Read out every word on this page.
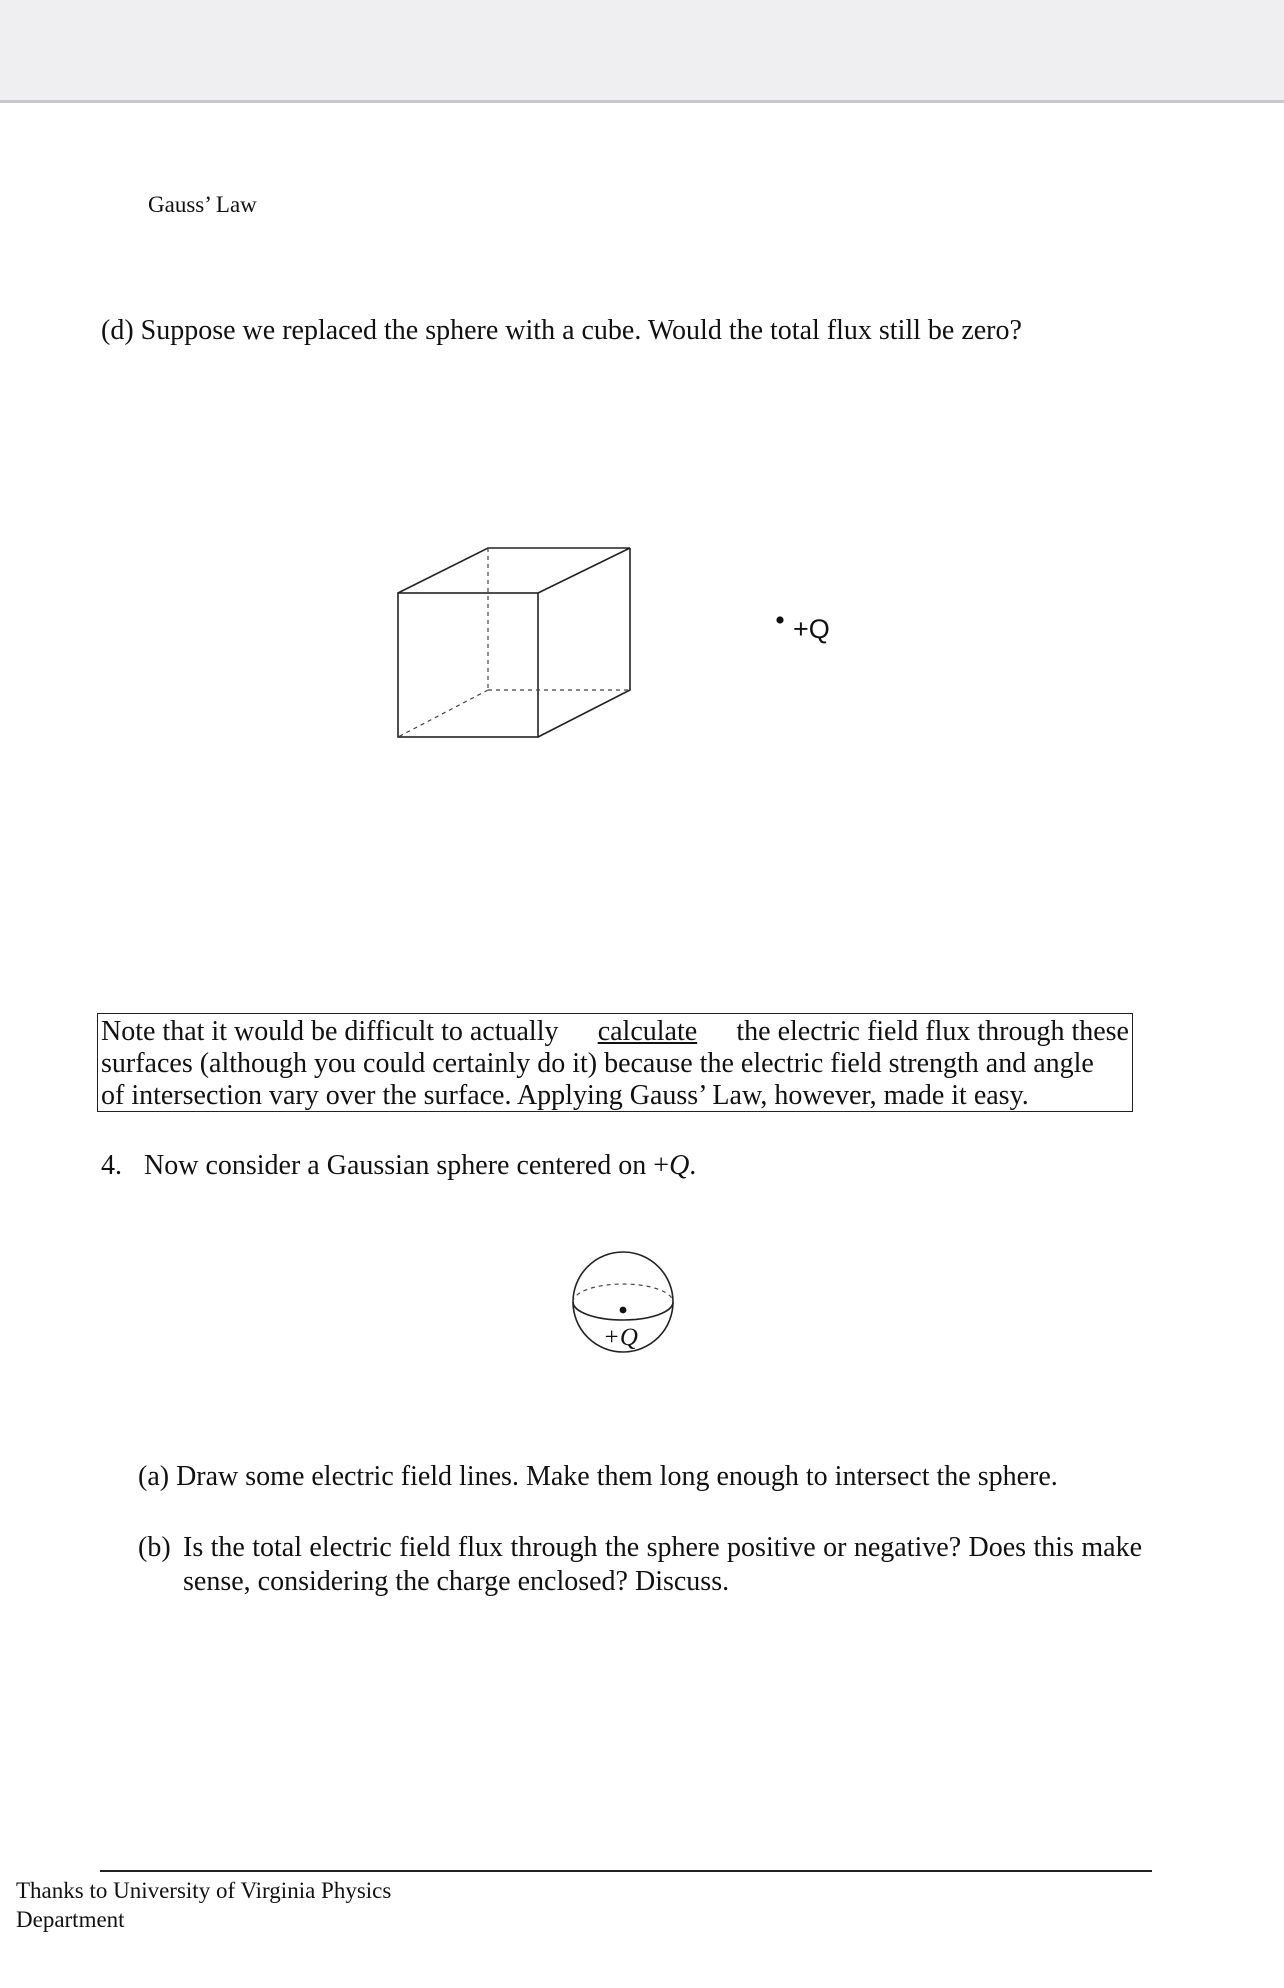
Gauss’ Law
(d) Suppose we replaced the sphere with a cube. Would the total flux still be zero?
+Q
Note that it would be difficult to actually calculate the electric field flux through these
surfaces (although you could certainly do it) because the electric field strength and angle
of intersection vary over the surface. Applying Gauss’ Law, however, made it easy.
4. Now consider a Gaussian sphere centered on +Q.
+Q
(a) Draw some electric field lines. Make them long enough to intersect the sphere.
(b) Is the total electric field flux through the sphere positive or negative? Does this make sense, considering the charge enclosed? Discuss.
Thanks to University of Virginia Physics Department
